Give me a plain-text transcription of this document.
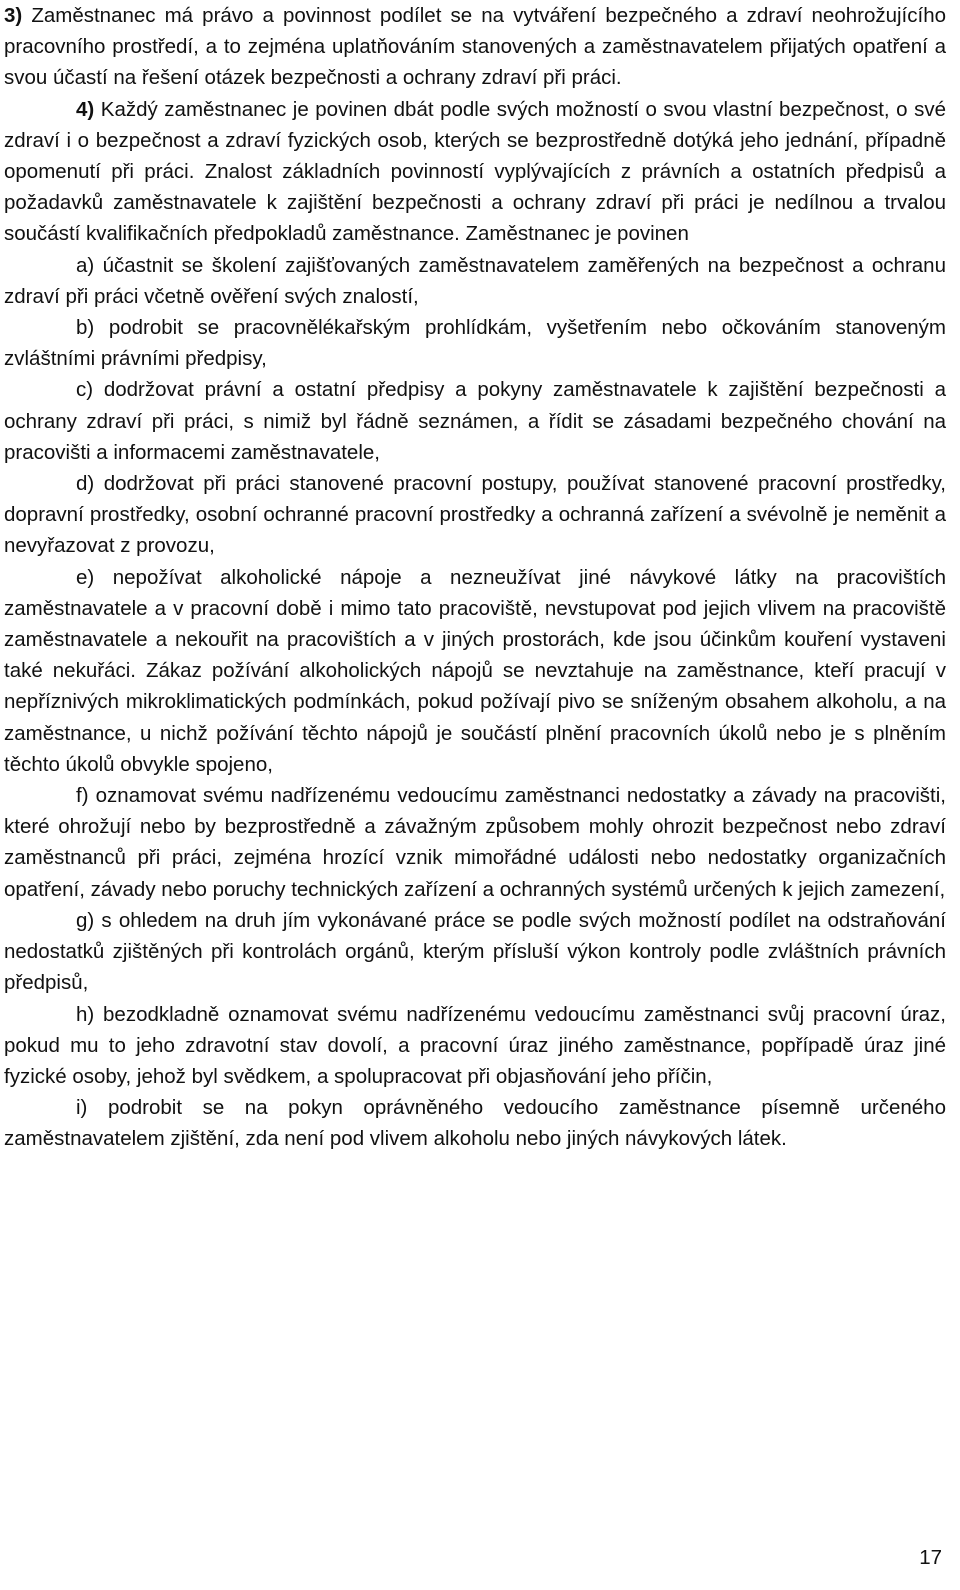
3) Zaměstnanec má právo a povinnost podílet se na vytváření bezpečného a zdraví neohrožujícího pracovního prostředí, a to zejména uplatňováním stanovených a zaměstnavatelem přijatých opatření a svou účastí na řešení otázek bezpečnosti a ochrany zdraví při práci.

4) Každý zaměstnanec je povinen dbát podle svých možností o svou vlastní bezpečnost, o své zdraví i o bezpečnost a zdraví fyzických osob, kterých se bezprostředně dotýká jeho jednání, případně opomenutí při práci. Znalost základních povinností vyplývajících z právních a ostatních předpisů a požadavků zaměstnavatele k zajištění bezpečnosti a ochrany zdraví při práci je nedílnou a trvalou součástí kvalifikačních předpokladů zaměstnance. Zaměstnanec je povinen

a) účastnit se školení zajišťovaných zaměstnavatelem zaměřených na bezpečnost a ochranu zdraví při práci včetně ověření svých znalostí,

b) podrobit se pracovnělékařským prohlídkám, vyšetřením nebo očkováním stanoveným zvláštními právními předpisy,

c) dodržovat právní a ostatní předpisy a pokyny zaměstnavatele k zajištění bezpečnosti a ochrany zdraví při práci, s nimiž byl řádně seznámen, a řídit se zásadami bezpečného chování na pracovišti a informacemi zaměstnavatele,

d) dodržovat při práci stanovené pracovní postupy, používat stanovené pracovní prostředky, dopravní prostředky, osobní ochranné pracovní prostředky a ochranná zařízení a svévolně je neměnit a nevyřazovat z provozu,

e) nepožívat alkoholické nápoje a nezneužívat jiné návykové látky na pracovištích zaměstnavatele a v pracovní době i mimo tato pracoviště, nevstupovat pod jejich vlivem na pracoviště zaměstnavatele a nekouřit na pracovištích a v jiných prostorách, kde jsou účinkům kouření vystaveni také nekuřáci. Zákaz požívání alkoholických nápojů se nevztahuje na zaměstnance, kteří pracují v nepříznivých mikroklimatických podmínkách, pokud požívají pivo se sníženým obsahem alkoholu, a na zaměstnance, u nichž požívání těchto nápojů je součástí plnění pracovních úkolů nebo je s plněním těchto úkolů obvykle spojeno,

f) oznamovat svému nadřízenému vedoucímu zaměstnanci nedostatky a závady na pracovišti, které ohrožují nebo by bezprostředně a závažným způsobem mohly ohrozit bezpečnost nebo zdraví zaměstnanců při práci, zejména hrozící vznik mimořádné události nebo nedostatky organizačních opatření, závady nebo poruchy technických zařízení a ochranných systémů určených k jejich zamezení,

g) s ohledem na druh jím vykonávané práce se podle svých možností podílet na odstraňování nedostatků zjištěných při kontrolách orgánů, kterým přísluší výkon kontroly podle zvláštních právních předpisů,

h) bezodkladně oznamovat svému nadřízenému vedoucímu zaměstnanci svůj pracovní úraz, pokud mu to jeho zdravotní stav dovolí, a pracovní úraz jiného zaměstnance, popřípadě úraz jiné fyzické osoby, jehož byl svědkem, a spolupracovat při objasňování jeho příčin,

i) podrobit se na pokyn oprávněného vedoucího zaměstnance písemně určeného zaměstnavatelem zjištění, zda není pod vlivem alkoholu nebo jiných návykových látek.

17
